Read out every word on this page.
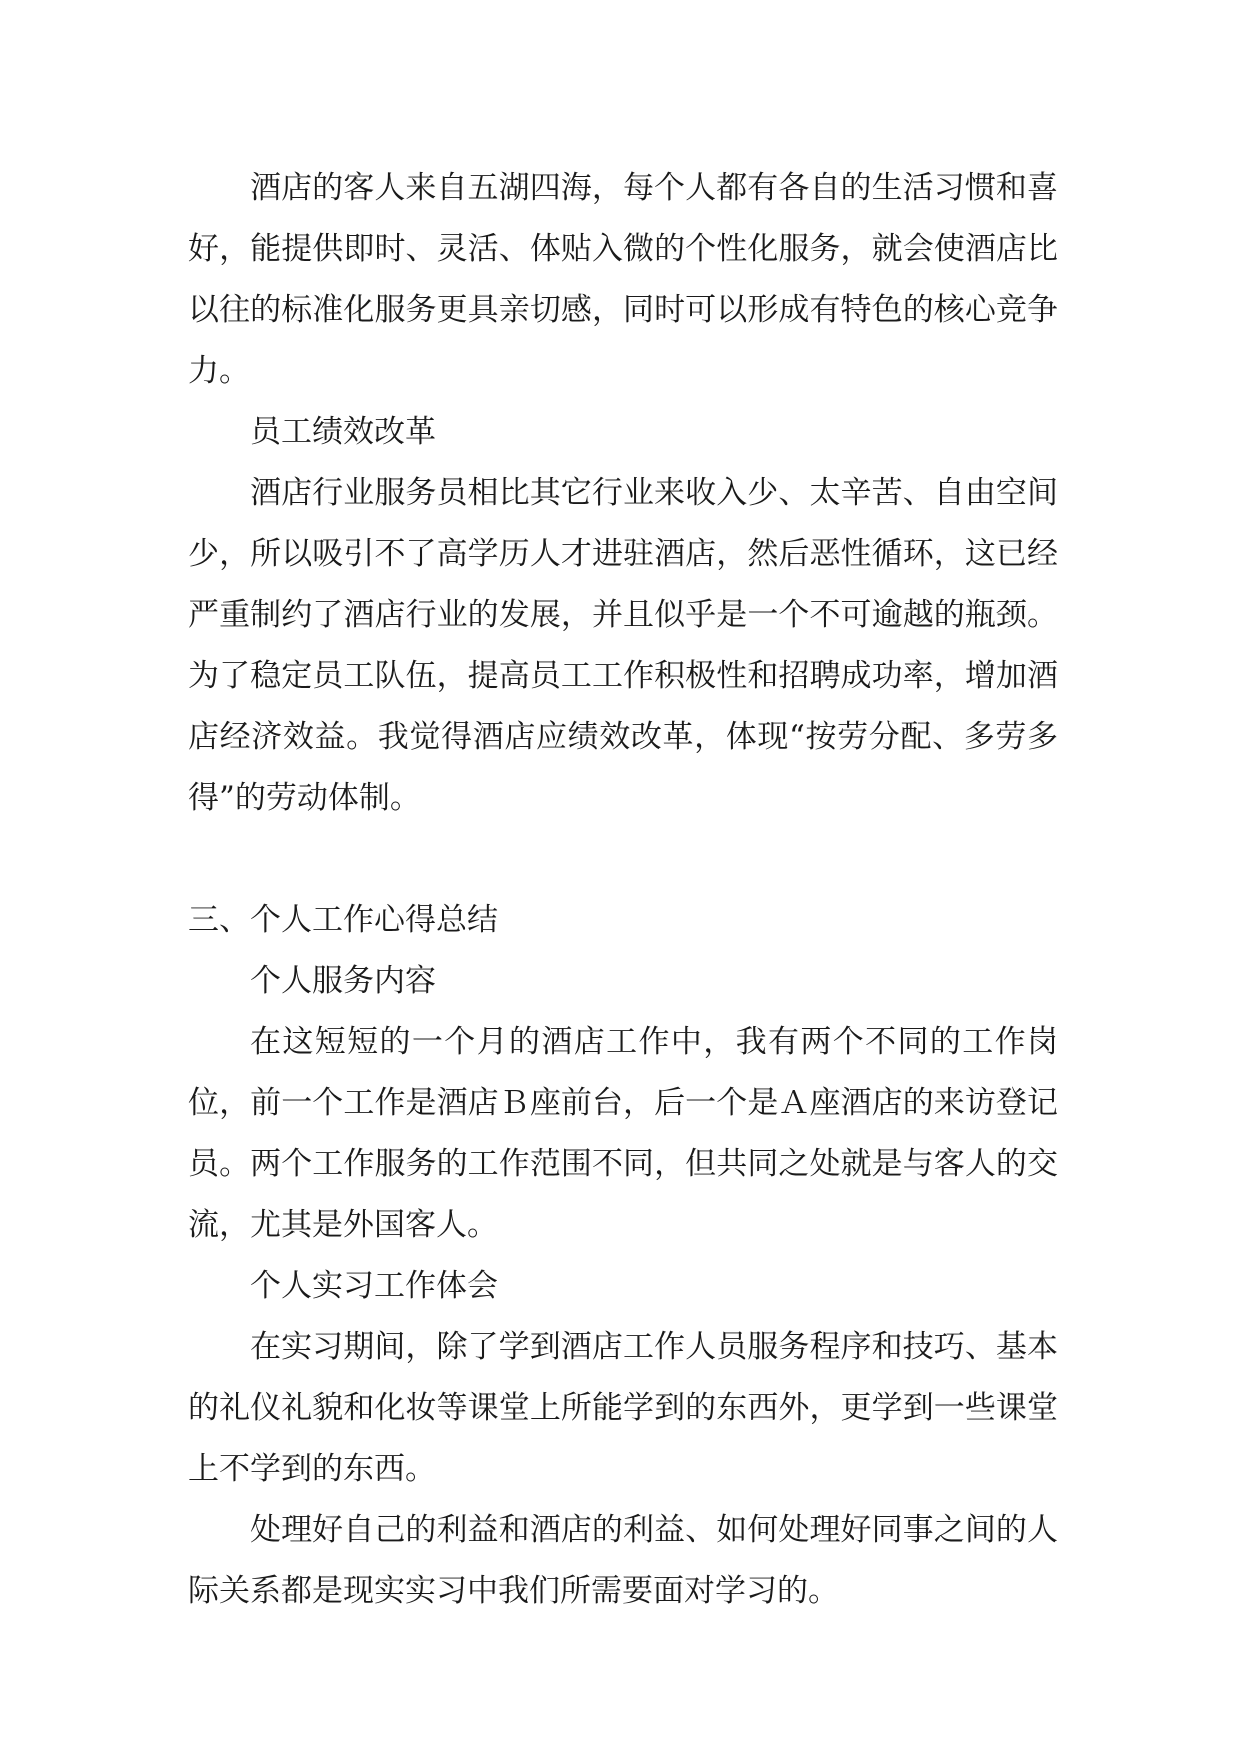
酒店的客人来自五湖四海，每个人都有各自的生活习惯和喜好，能提供即时、灵活、体贴入微的个性化服务，就会使酒店比以往的标准化服务更具亲切感，同时可以形成有特色的核心竞争力。

员工绩效改革

酒店行业服务员相比其它行业来收入少、太辛苦、自由空间少，所以吸引不了高学历人才进驻酒店，然后恶性循环，这已经严重制约了酒店行业的发展，并且似乎是一个不可逾越的瓶颈。为了稳定员工队伍，提高员工工作积极性和招聘成功率，增加酒店经济效益。我觉得酒店应绩效改革，体现“按劳分配、多劳多得”的劳动体制。

三、个人工作心得总结

个人服务内容

在这短短的一个月的酒店工作中，我有两个不同的工作岗位，前一个工作是酒店Ｂ座前台，后一个是Ａ座酒店的来访登记员。两个工作服务的工作范围不同，但共同之处就是与客人的交流，尤其是外国客人。

个人实习工作体会

在实习期间，除了学到酒店工作人员服务程序和技巧、基本的礼仪礼貌和化妆等课堂上所能学到的东西外，更学到一些课堂上不学到的东西。

处理好自己的利益和酒店的利益、如何处理好同事之间的人际关系都是现实实习中我们所需要面对学习的。
